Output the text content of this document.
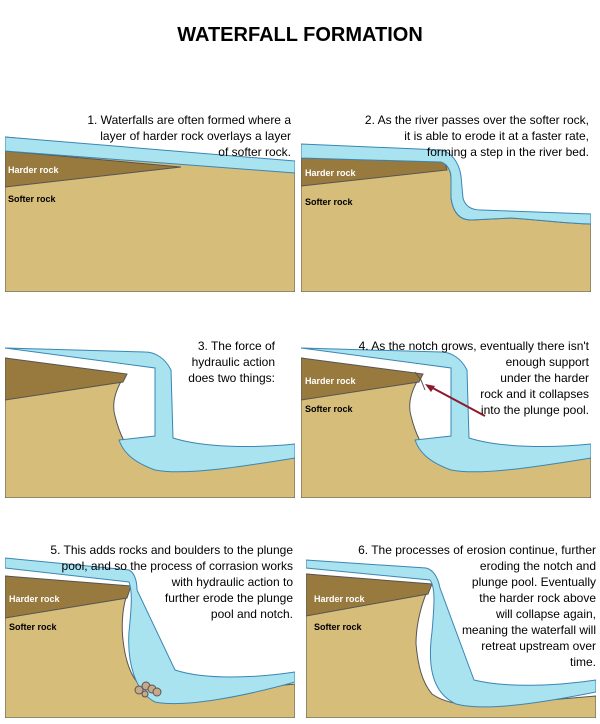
WATERFALL FORMATION
Harder rock
Softer rock
1. Waterfalls are often formed where a
layer of harder rock overlays a layer
of softer rock.
Harder rock
Softer rock
2. As the river passes over the softer rock,
it is able to erode it at a faster rate,
forming a step in the river bed.
3. The force of
hydraulic action
does two things:	Harder rock
Softer rock
4. As the notch grows, eventually there isn't
enough support
under the harder
rock and it collapses
into the plunge pool.
Harder rock
Softer rock
5. This adds rocks and boulders to the plunge
pool, and so the process of corrasion works
with hydraulic action to
further erode the plunge
pool and notch.
Harder rock
Softer rock
6. The processes of erosion continue, further
eroding the notch and
plunge pool. Eventually
the harder rock above
will collapse again,
meaning the waterfall will
retreat upstream over
time.
